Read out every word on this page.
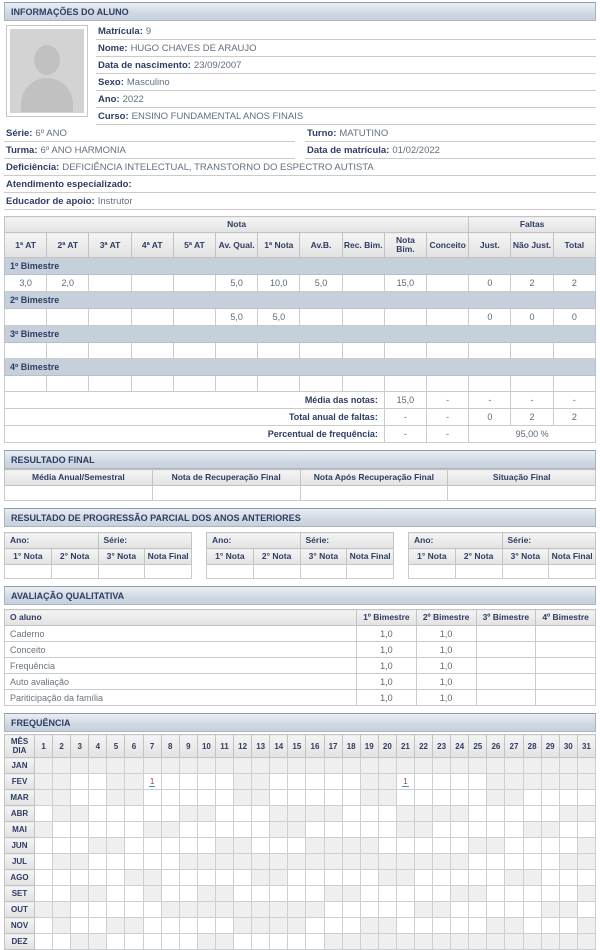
INFORMAÇÕES DO ALUNO
Matrícula: 9
Nome: HUGO CHAVES DE ARAUJO
Data de nascimento: 23/09/2007
Sexo: Masculino
Ano: 2022
Curso: ENSINO FUNDAMENTAL ANOS FINAIS
Série: 6º ANO	Turno: MATUTINO
Turma: 6º ANO HARMONIA	Data de matrícula: 01/02/2022
Deficiência: DEFICIÊNCIA INTELECTUAL, TRANSTORNO DO ESPECTRO AUTISTA
Atendimento especializado:
Educador de apoio: Instrutor
Nota											Faltas		
1ª AT	2ª AT	3ª AT	4ª AT	5ª AT	Av. Qual.	1ª Nota	Av.B.	Rec. Bim.	Nota Bim.	Conceito	Just.	Não Just.	Total
1º Bimestre													
3,0	2,0				5,0	10,0	5,0		15,0		0	2	2
2º Bimestre													
					5,0	5,0					0	0	0
3º Bimestre													

4º Bimestre													

Média das notas:									15,0	-	-	-	-
Total anual de faltas:									-	-	0	2	2
Percentual de frequência:									-	-	95,00 %		
RESULTADO FINAL
Média Anual/Semestral	Nota de Recuperação Final	Nota Após Recuperação Final	Situação Final

RESULTADO DE PROGRESSÃO PARCIAL DOS ANOS ANTERIORES
Ano:		Série:	
1° Nota	2° Nota	3° Nota	Nota Final

Ano:		Série:	
1° Nota	2° Nota	3° Nota	Nota Final

Ano:		Série:	
1° Nota	2° Nota	3° Nota	Nota Final

AVALIAÇÃO QUALITATIVA
O aluno	1º Bimestre	2º Bimestre	3º Bimestre	4º Bimestre
Caderno	1,0	1,0		
Conceito	1,0	1,0		
Frequência	1,0	1,0		
Auto avaliação	1,0	1,0		
Pariticipação da família	1,0	1,0		
FREQUÊNCIA
MÊS
DIA	1	2	3	4	5	6	7	8	9	10	11	12	13	14	15	16	17	18	19	20	21	22	23	24	25	26	27	28	29	30	31
JAN																															
FEV							1														1										
MAR																															
ABR																															
MAI																															
JUN																															
JUL																															
AGO																															
SET																															
OUT																															
NOV																															
DEZ																															
